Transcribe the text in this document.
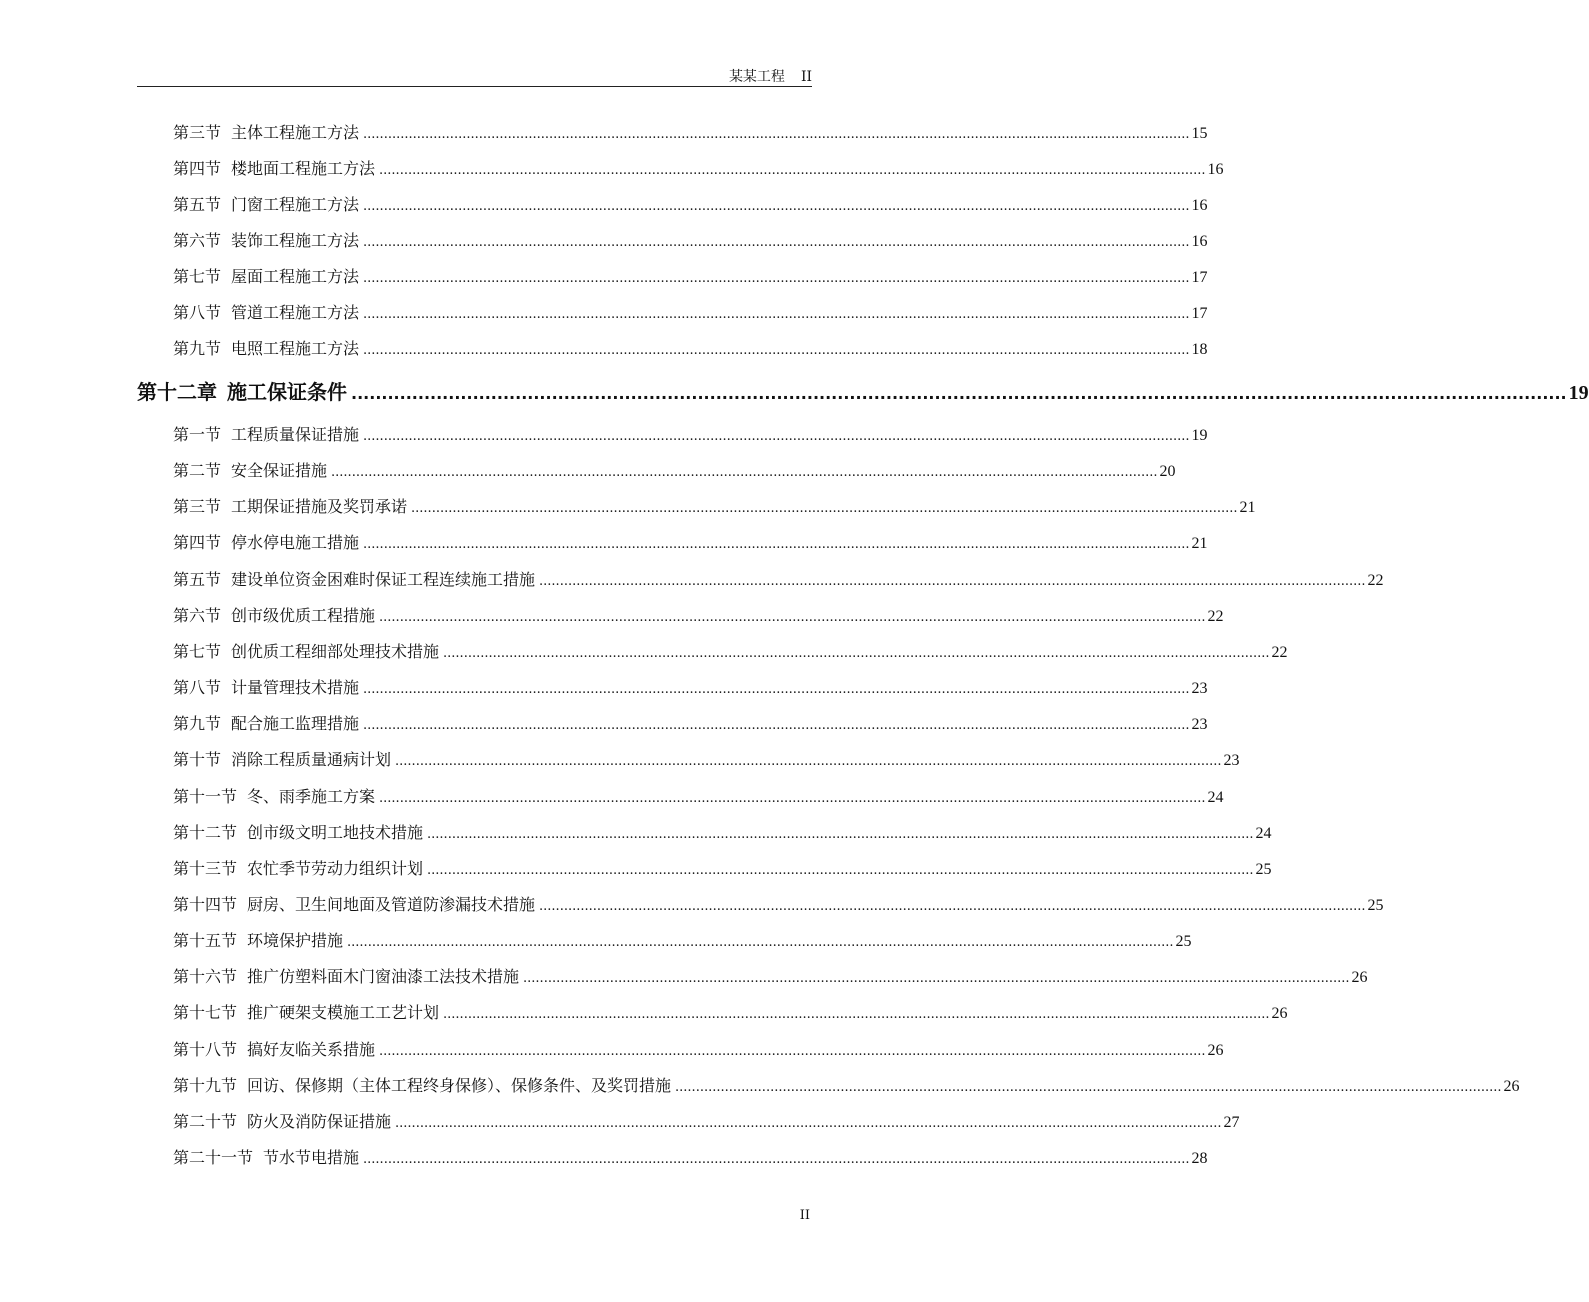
某某工程 II
第三节 主体工程施工方法 ........................................................................................................................................................................................................ 15
第四节 楼地面工程施工方法 ........................................................................................................................................................................................................ 16
第五节 门窗工程施工方法 ........................................................................................................................................................................................................ 16
第六节 装饰工程施工方法 ........................................................................................................................................................................................................ 16
第七节 屋面工程施工方法 ........................................................................................................................................................................................................ 17
第八节 管道工程施工方法 ........................................................................................................................................................................................................ 17
第九节 电照工程施工方法 ........................................................................................................................................................................................................ 18
第十二章 施工保证条件 ........................................................................................................................................................................................................ 19
第一节 工程质量保证措施 ........................................................................................................................................................................................................ 19
第二节 安全保证措施 ........................................................................................................................................................................................................ 20
第三节 工期保证措施及奖罚承诺 ........................................................................................................................................................................................................ 21
第四节 停水停电施工措施 ........................................................................................................................................................................................................ 21
第五节 建设单位资金困难时保证工程连续施工措施 ........................................................................................................................................................................................................ 22
第六节 创市级优质工程措施 ........................................................................................................................................................................................................ 22
第七节 创优质工程细部处理技术措施 ........................................................................................................................................................................................................ 22
第八节 计量管理技术措施 ........................................................................................................................................................................................................ 23
第九节 配合施工监理措施 ........................................................................................................................................................................................................ 23
第十节 消除工程质量通病计划 ........................................................................................................................................................................................................ 23
第十一节 冬、雨季施工方案 ........................................................................................................................................................................................................ 24
第十二节 创市级文明工地技术措施 ........................................................................................................................................................................................................ 24
第十三节 农忙季节劳动力组织计划 ........................................................................................................................................................................................................ 25
第十四节 厨房、卫生间地面及管道防渗漏技术措施 ........................................................................................................................................................................................................ 25
第十五节 环境保护措施 ........................................................................................................................................................................................................ 25
第十六节 推广仿塑料面木门窗油漆工法技术措施 ........................................................................................................................................................................................................ 26
第十七节 推广硬架支模施工工艺计划 ........................................................................................................................................................................................................ 26
第十八节 搞好友临关系措施 ........................................................................................................................................................................................................ 26
第十九节 回访、保修期（主体工程终身保修）、保修条件、及奖罚措施 ........................................................................................................................................................................................................ 26
第二十节 防火及消防保证措施 ........................................................................................................................................................................................................ 27
第二十一节 节水节电措施 ........................................................................................................................................................................................................ 28
II
